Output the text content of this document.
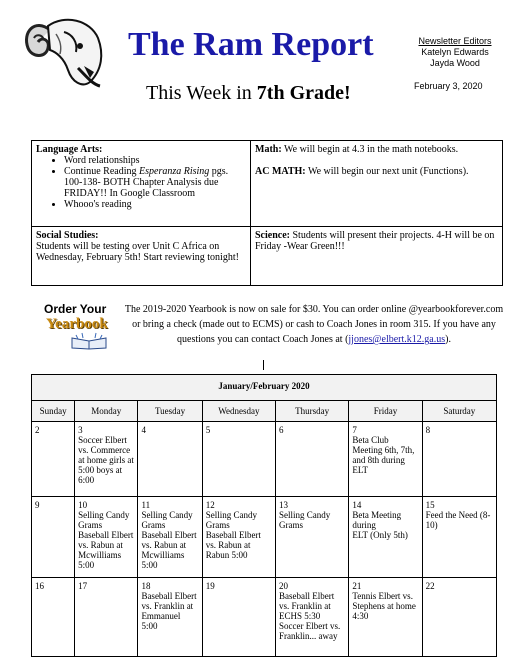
The Ram Report
This Week in 7th Grade!
Newsletter Editors
Katelyn Edwards
Jayda Wood
February 3, 2020
Language Arts:
• Word relationships
• Continue Reading Esperanza Rising pgs. 100-138- BOTH Chapter Analysis due FRIDAY!! In Google Classroom
• Whooo's reading
Math: We will begin at 4.3 in the math notebooks.
AC MATH: We will begin our next unit (Functions).
Social Studies:
Students will be testing over Unit C Africa on Wednesday, February 5th! Start reviewing tonight!
Science: Students will present their projects. 4-H will be on Friday -Wear Green!!!
Order Your
Yearbook
The 2019-2020 Yearbook is now on sale for $30. You can order online @yearbookforever.com or bring a check (made out to ECMS) or cash to Coach Jones in room 315. If you have any questions you can contact Coach Jones at (jjones@elbert.k12.ga.us).
January/February 2020						
Sunday	Monday	Tuesday	Wednesday	Thursday	Friday	Saturday

2	3
Soccer Elbert vs. Commerce at home girls at 5:00 boys at 6:00	4	5	6	7
Beta Club Meeting 6th, 7th, and 8th during ELT	8

9	10
Selling Candy Grams
Baseball Elbert vs. Rabun at Mcwilliams 5:00	11
Selling Candy Grams
Baseball Elbert vs. Rabun at Mcwilliams 5:00	12
Selling Candy Grams
Baseball Elbert vs. Rabun at Rabun 5:00	13
Selling Candy Grams	14
Beta Meeting during
ELT (Only 5th)	15
Feed the Need (8-10)

16	17	18
Baseball Elbert vs. Franklin at Emmanuel
5:00	19	20
Baseball Elbert vs. Franklin at ECHS 5:30
Soccer Elbert vs. Franklin... away	21
Tennis Elbert vs. Stephens at home 4:30	22
